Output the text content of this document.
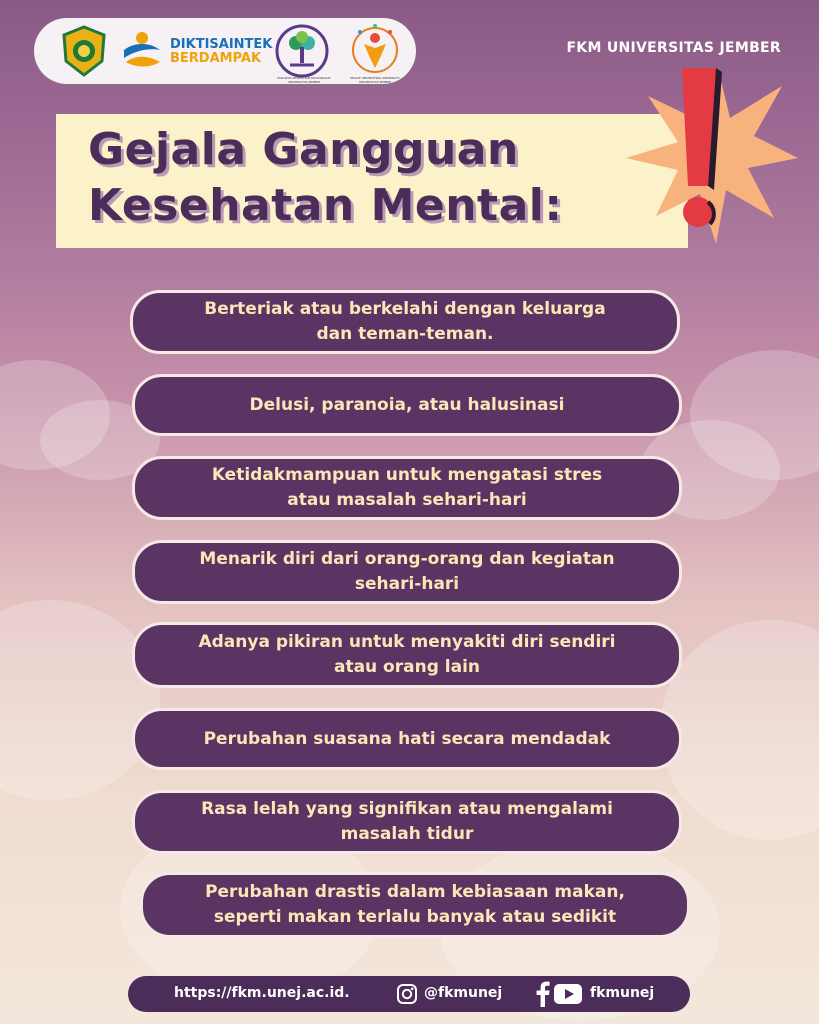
DIKTISAINTEK
BERDAMPAK
FAKULTAS KESEHATAN MASYARAKAT UNIVERSITAS JEMBER
HEALTH PROMOTING UNIVERSITY UNIVERSITAS JEMBER
FKM UNIVERSITAS JEMBER
Gejala Gangguan
Kesehatan Mental:
Berteriak atau berkelahi dengan keluarga
dan teman-teman.
Delusi, paranoia, atau halusinasi
Ketidakmampuan untuk mengatasi stres
atau masalah sehari-hari
Menarik diri dari orang-orang dan kegiatan
sehari-hari
Adanya pikiran untuk menyakiti diri sendiri
atau orang lain
Perubahan suasana hati secara mendadak
Rasa lelah yang signifikan atau mengalami
masalah tidur
Perubahan drastis dalam kebiasaan makan,
seperti makan terlalu banyak atau sedikit
https://fkm.unej.ac.id.	@fkmunej	fkmunej
